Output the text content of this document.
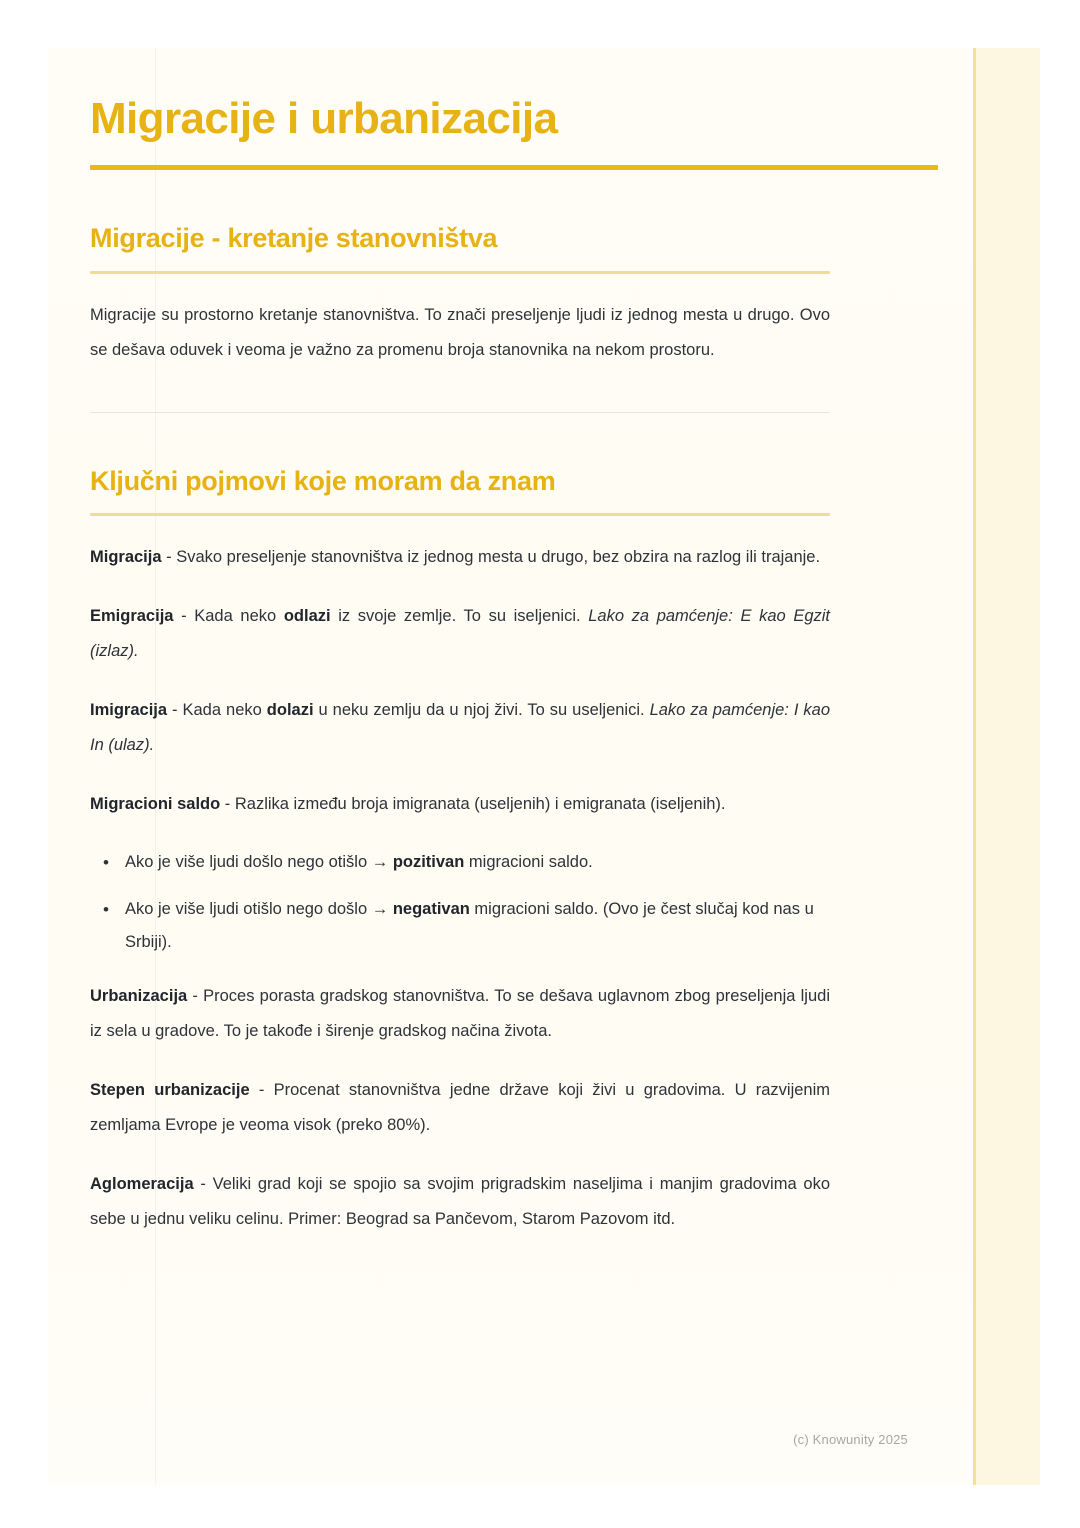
Migracije i urbanizacija
Migracije - kretanje stanovništva

Migracije su prostorno kretanje stanovništva. To znači preseljenje ljudi iz jednog mesta u drugo. Ovo se dešava oduvek i veoma je važno za promenu broja stanovnika na nekom prostoru.

Ključni pojmovi koje moram da znam

Migracija - Svako preseljenje stanovništva iz jednog mesta u drugo, bez obzira na razlog ili trajanje.

Emigracija - Kada neko odlazi iz svoje zemlje. To su iseljenici. Lako za pamćenje: E kao Egzit (izlaz).

Imigracija - Kada neko dolazi u neku zemlju da u njoj živi. To su useljenici. Lako za pamćenje: I kao In (ulaz).

Migracioni saldo - Razlika između broja imigranata (useljenih) i emigranata (iseljenih).

• Ako je više ljudi došlo nego otišlo → pozitivan migracioni saldo.
• Ako je više ljudi otišlo nego došlo → negativan migracioni saldo. (Ovo je čest slučaj kod nas u Srbiji).

Urbanizacija - Proces porasta gradskog stanovništva. To se dešava uglavnom zbog preseljenja ljudi iz sela u gradove. To je takođe i širenje gradskog načina života.

Stepen urbanizacije - Procenat stanovništva jedne države koji živi u gradovima. U razvijenim zemljama Evrope je veoma visok (preko 80%).

Aglomeracija - Veliki grad koji se spojio sa svojim prigradskim naseljima i manjim gradovima oko sebe u jednu veliku celinu. Primer: Beograd sa Pančevom, Starom Pazovom itd.

(c) Knowunity 2025
